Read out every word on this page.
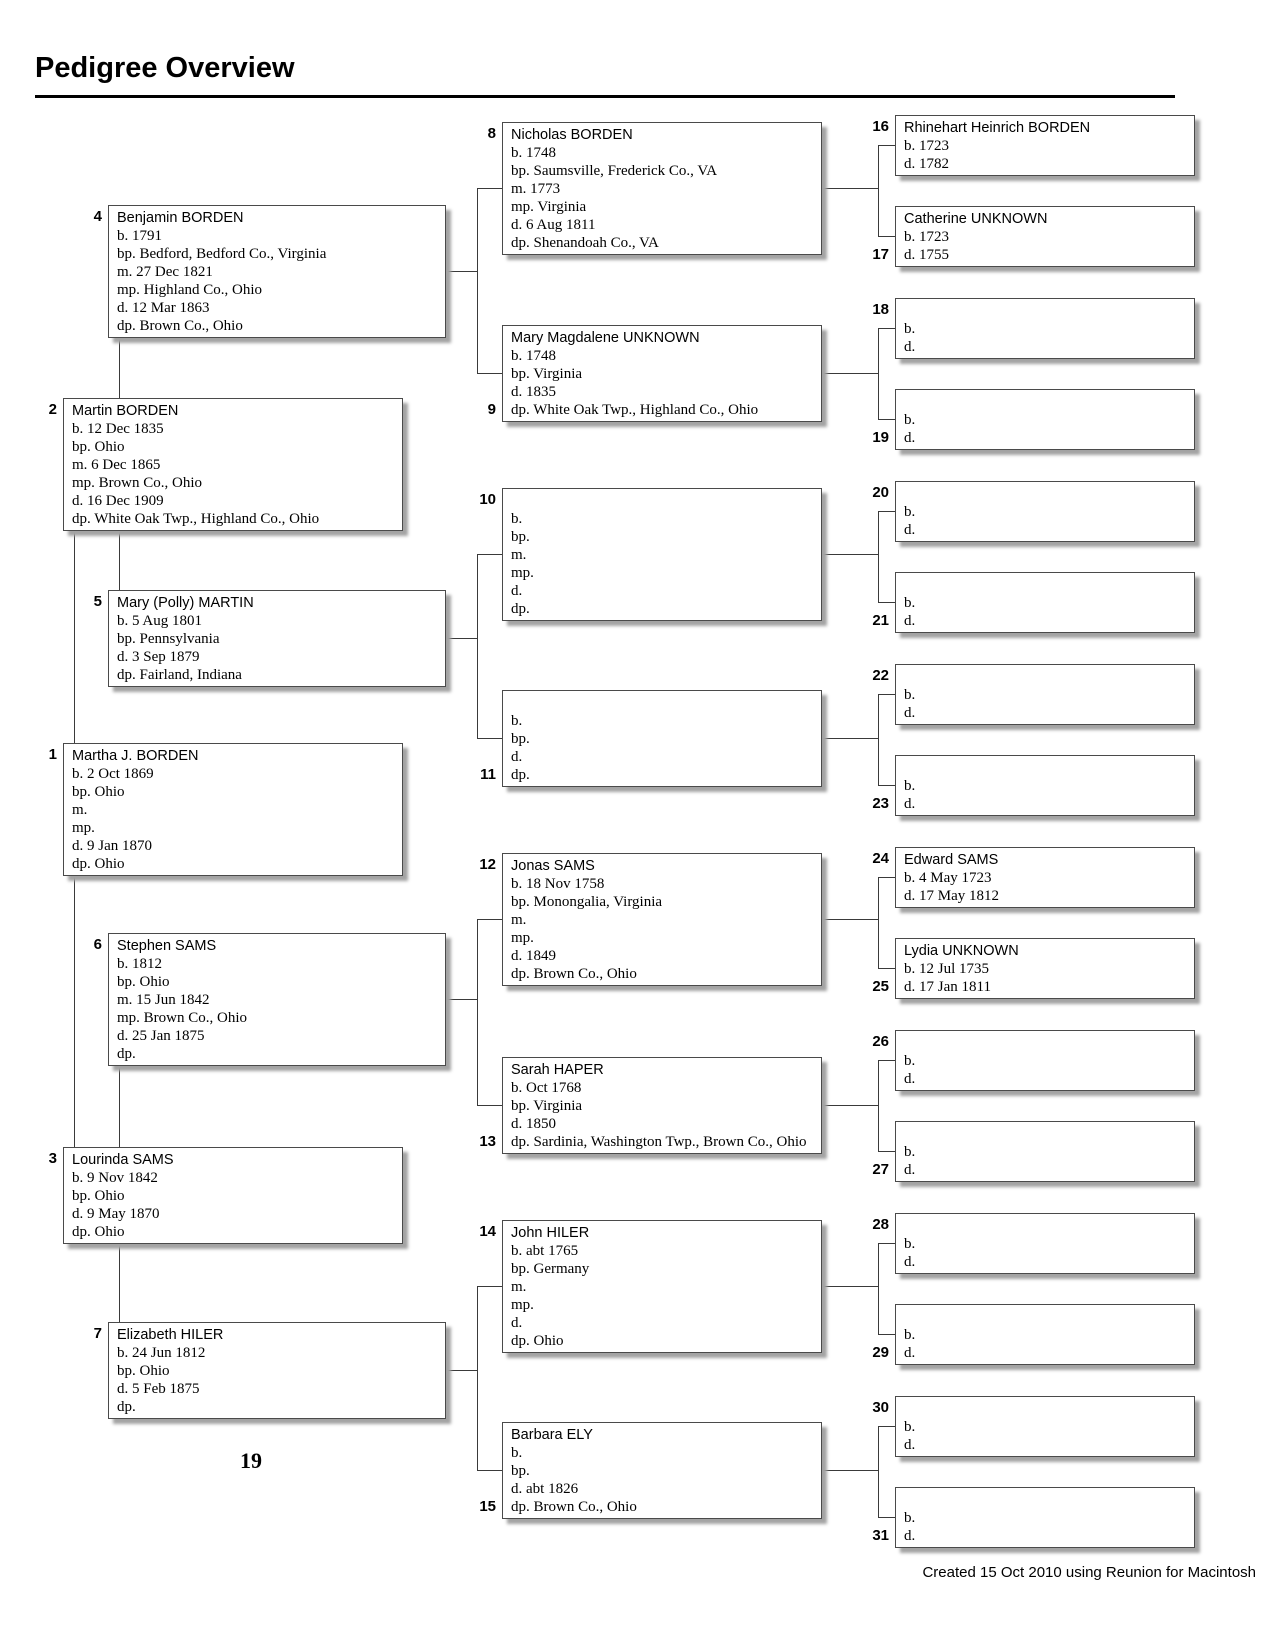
Pedigree Overview
Martha J. BORDEN
b. 2 Oct 1869
bp. Ohio
m.
mp.
d. 9 Jan 1870
dp. Ohio
1
Martin BORDEN
b. 12 Dec 1835
bp. Ohio
m. 6 Dec 1865
mp. Brown Co., Ohio
d. 16 Dec 1909
dp. White Oak Twp., Highland Co., Ohio
2
Lourinda SAMS
b. 9 Nov 1842
bp. Ohio
d. 9 May 1870
dp. Ohio
3
Benjamin BORDEN
b. 1791
bp. Bedford, Bedford Co., Virginia
m. 27 Dec 1821
mp. Highland Co., Ohio
d. 12 Mar 1863
dp. Brown Co., Ohio
4
Mary (Polly) MARTIN
b. 5 Aug 1801
bp. Pennsylvania
d. 3 Sep 1879
dp. Fairland, Indiana
5
Stephen SAMS
b. 1812
bp. Ohio
m. 15 Jun 1842
mp. Brown Co., Ohio
d. 25 Jan 1875
dp.
6
Elizabeth HILER
b. 24 Jun 1812
bp. Ohio
d. 5 Feb 1875
dp.
7
Nicholas BORDEN
b. 1748
bp. Saumsville, Frederick Co., VA
m. 1773
mp. Virginia
d. 6 Aug 1811
dp. Shenandoah Co., VA
8
Mary Magdalene UNKNOWN
b. 1748
bp. Virginia
d. 1835
dp. White Oak Twp., Highland Co., Ohio
9
b.
bp.
m.
mp.
d.
dp.
10
b.
bp.
d.
dp.
11
Jonas SAMS
b. 18 Nov 1758
bp. Monongalia, Virginia
m.
mp.
d. 1849
dp. Brown Co., Ohio
12
Sarah HAPER
b. Oct 1768
bp. Virginia
d. 1850
dp. Sardinia, Washington Twp., Brown Co., Ohio
13
John HILER
b. abt 1765
bp. Germany
m.
mp.
d.
dp. Ohio
14
Barbara ELY
b.
bp.
d. abt 1826
dp. Brown Co., Ohio
15
Rhinehart Heinrich BORDEN
b. 1723
d. 1782
16
Catherine UNKNOWN
b. 1723
d. 1755
17
b.
d.
18
b.
d.
19
b.
d.
20
b.
d.
21
b.
d.
22
b.
d.
23
Edward SAMS
b. 4 May 1723
d. 17 May 1812
24
Lydia UNKNOWN
b. 12 Jul 1735
d. 17 Jan 1811
25
b.
d.
26
b.
d.
27
b.
d.
28
b.
d.
29
b.
d.
30
b.
d.
31
19
Created 15 Oct 2010 using Reunion for Macintosh
